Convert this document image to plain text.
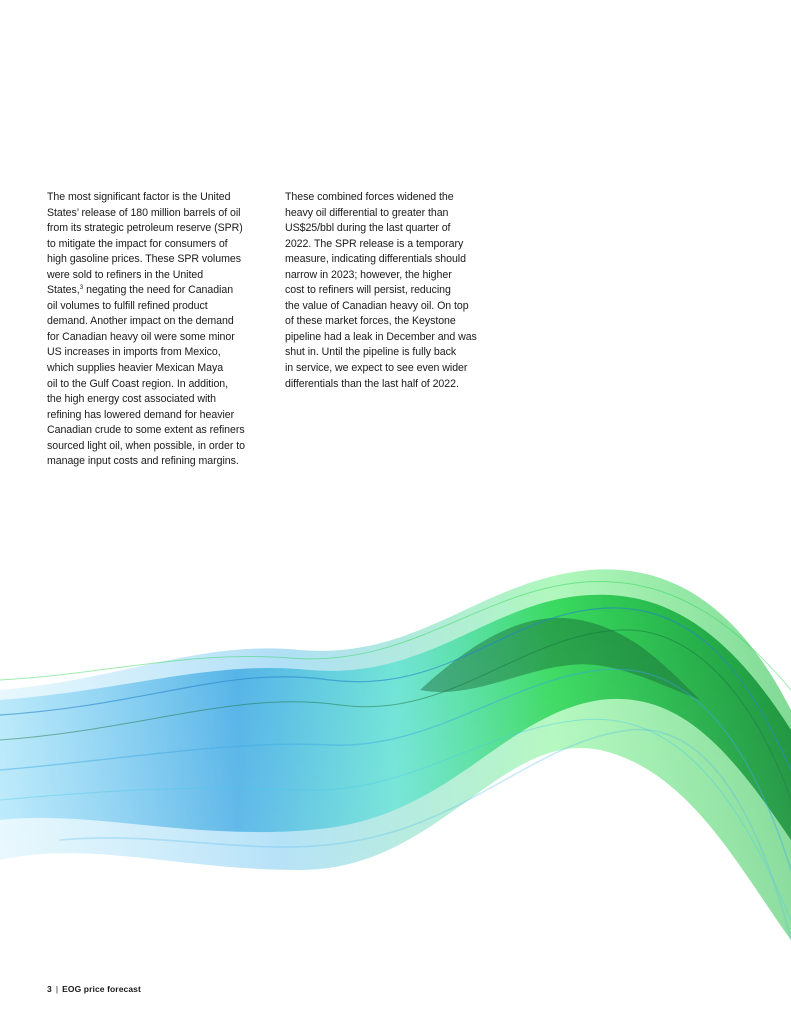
The most significant factor is the United
States’ release of 180 million barrels of oil
from its strategic petroleum reserve (SPR)
to mitigate the impact for consumers of
high gasoline prices. These SPR volumes
were sold to refiners in the United
States,$^3$ negating the need for Canadian
oil volumes to fulfill refined product
demand. Another impact on the demand
for Canadian heavy oil were some minor
US increases in imports from Mexico,
which supplies heavier Mexican Maya
oil to the Gulf Coast region. In addition,
the high energy cost associated with
refining has lowered demand for heavier
Canadian crude to some extent as refiners
sourced light oil, when possible, in order to
manage input costs and refining margins.
These combined forces widened the
heavy oil differential to greater than
US$25/bbl during the last quarter of
2022. The SPR release is a temporary
measure, indicating differentials should
narrow in 2023; however, the higher
cost to refiners will persist, reducing
the value of Canadian heavy oil. On top
of these market forces, the Keystone
pipeline had a leak in December and was
shut in. Until the pipeline is fully back
in service, we expect to see even wider
differentials than the last half of 2022.
3 | EOG price forecast
